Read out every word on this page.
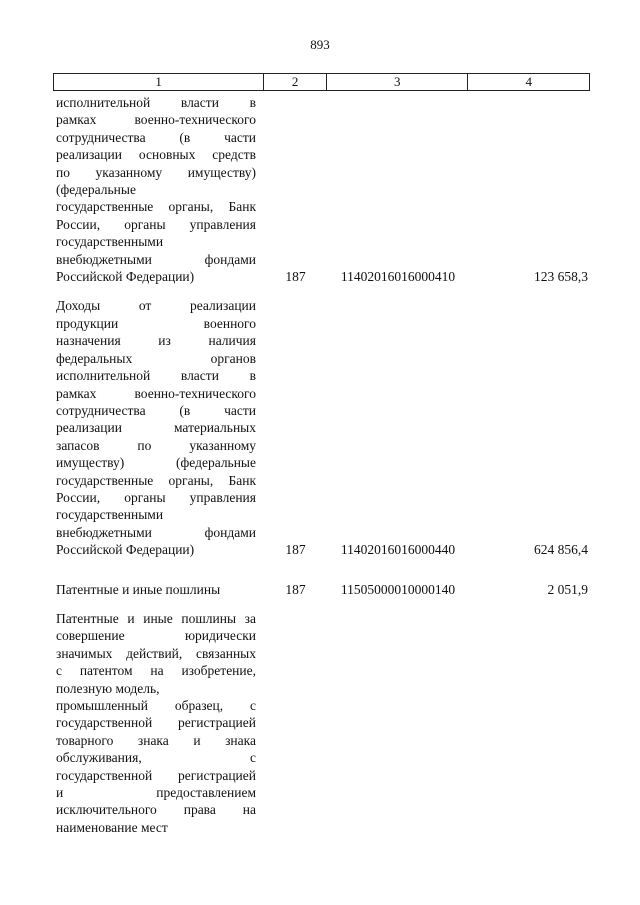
893
1	2	3	4
исполнительной власти в
рамках военно-технического
сотрудничества (в части
реализации основных средств
по указанному имуществу)
(федеральные
государственные органы, Банк
России, органы управления
государственными
внебюджетными фондами
Российской Федерации)	187	11402016016000410	123 658,3
Доходы от реализации
продукции военного
назначения из наличия
федеральных органов
исполнительной власти в
рамках военно-технического
сотрудничества (в части
реализации материальных
запасов по указанному
имуществу) (федеральные
государственные органы, Банк
России, органы управления
государственными
внебюджетными фондами
Российской Федерации)	187	11402016016000440	624 856,4
Патентные и иные пошлины	187	11505000010000140	2 051,9
Патентные и иные пошлины за
совершение юридически
значимых действий, связанных
с патентом на изобретение,
полезную модель,
промышленный образец, с
государственной регистрацией
товарного знака и знака
обслуживания, с
государственной регистрацией
и предоставлением
исключительного права на
наименование мест
